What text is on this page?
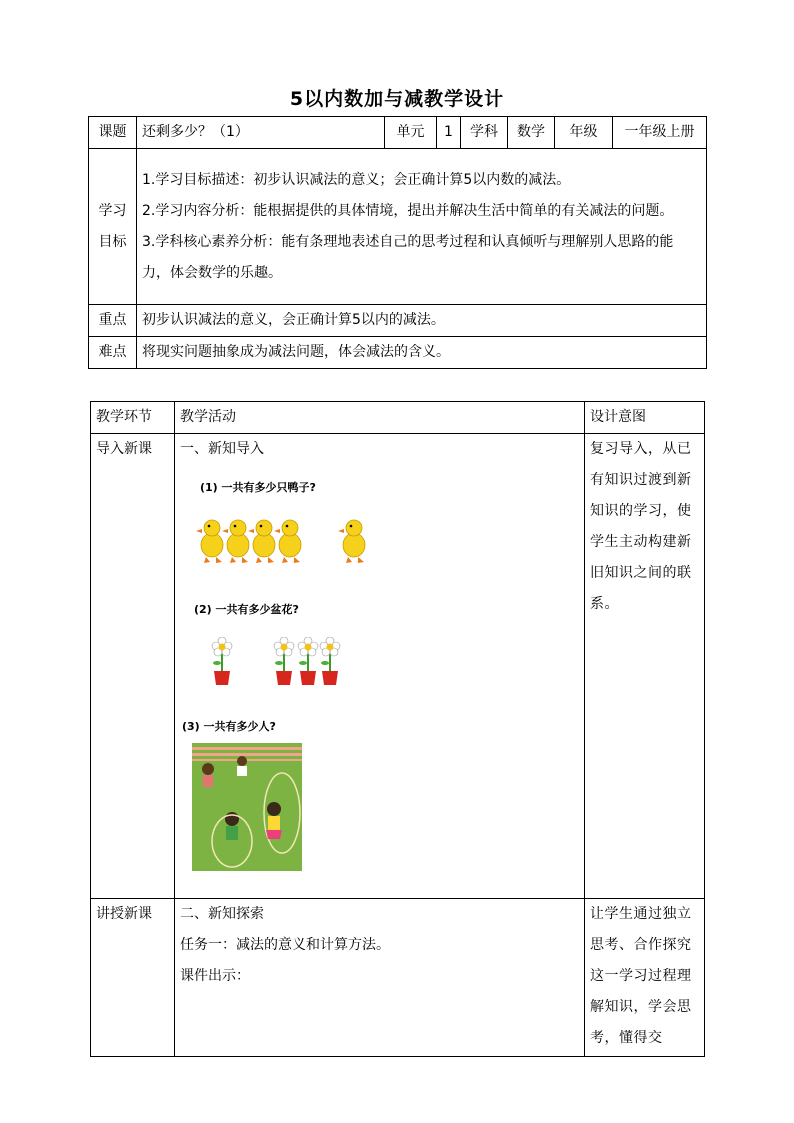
5以内数加与减教学设计
课题	还剩多少？（1）	单元	1	学科	数学	年级	一年级上册
学习目标	1.学习目标描述：初步认识减法的意义；会正确计算5以内数的减法。

2.学习内容分析：能根据提供的具体情境，提出并解决生活中简单的有关减法的问题。

3.学科核心素养分析：能有条理地表述自己的思考过程和认真倾听与理解别人思路的能力，体会数学的乐趣。						

重点	初步认识减法的意义，会正确计算5以内的减法。						
难点	将现实问题抽象成为减法问题，体会减法的含义。						
教学环节	教学活动	设计意图
导入新课	一、新知导入
(1) 一共有多少只鸭子?
(2) 一共有多少盆花?
(3) 一共有多少人?	复习导入，从已有知识过渡到新知识的学习，使学生主动构建新旧知识之间的联系。
讲授新课	二、新知探索
任务一：减法的意义和计算方法。
课件出示：	让学生通过独立思考、合作探究这一学习过程理解知识，学会思考，懂得交
